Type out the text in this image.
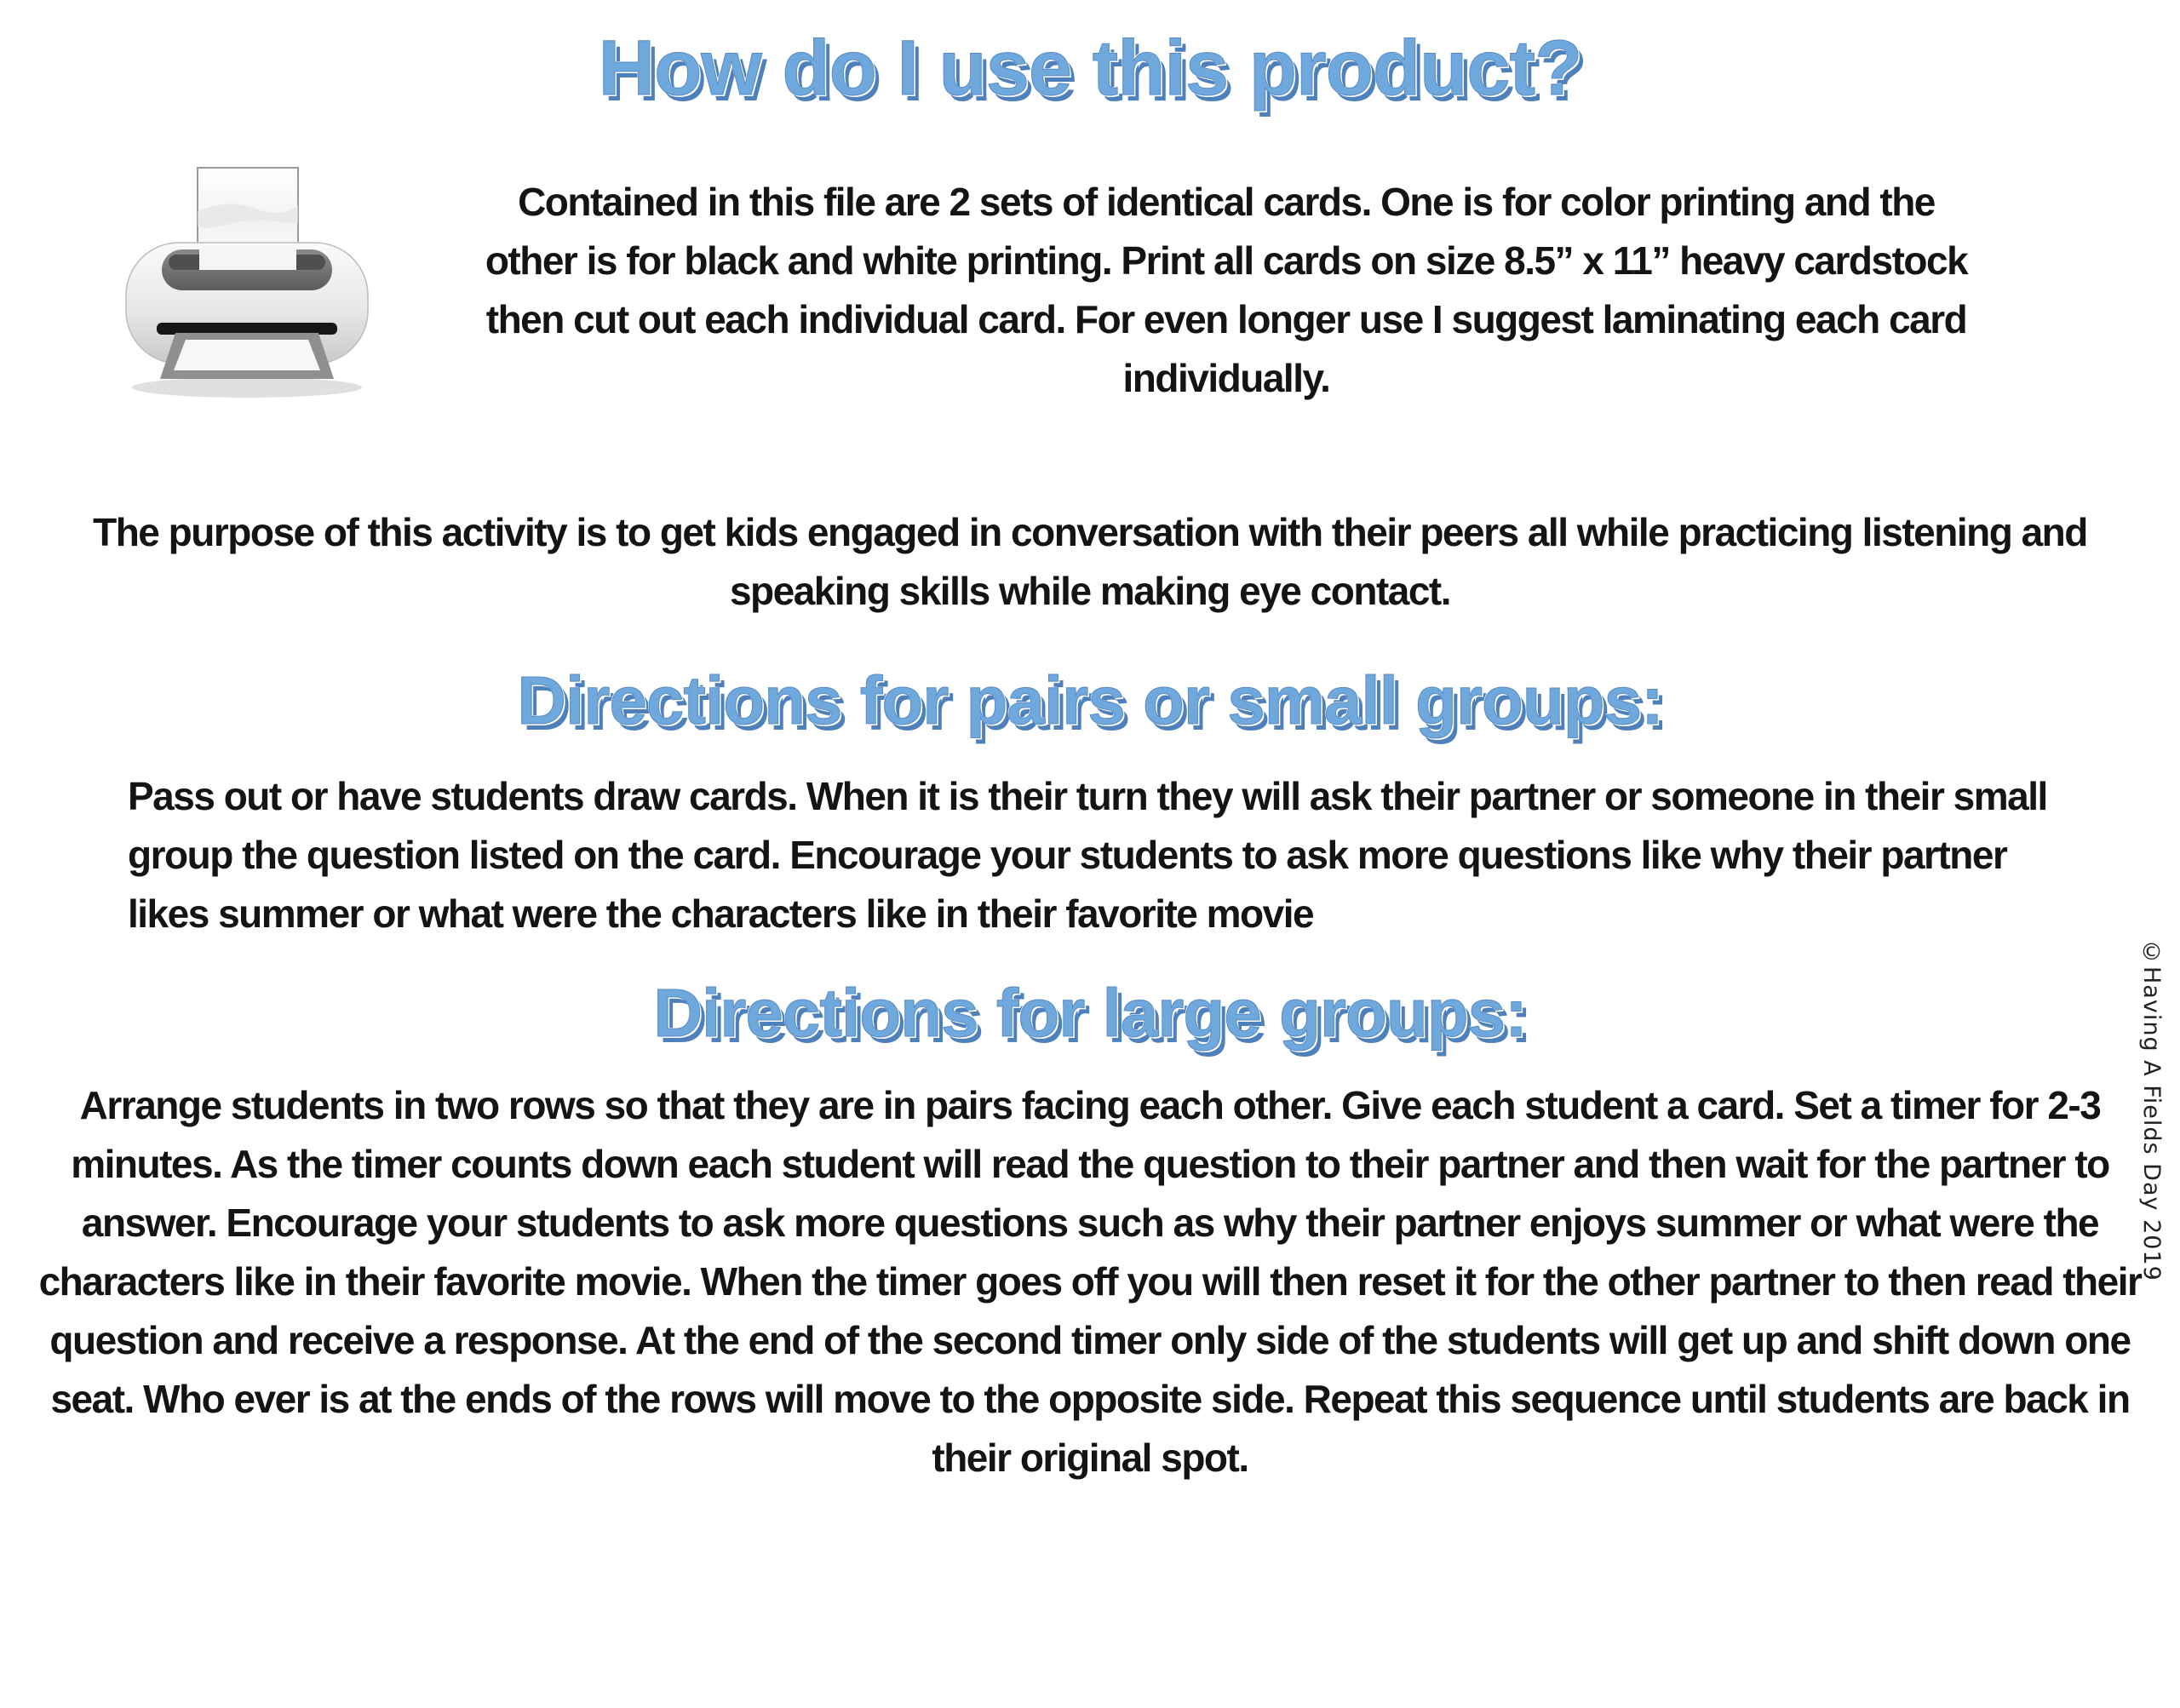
How do I use this product?

Contained in this file are 2 sets of identical cards. One is for color printing and the other is for black and white printing. Print all cards on size 8.5” x 11” heavy cardstock then cut out each individual card. For even longer use I suggest laminating each card individually.

The purpose of this activity is to get kids engaged in conversation with their peers all while practicing listening and speaking skills while making eye contact.

Directions for pairs or small groups:

Pass out or have students draw cards. When it is their turn they will ask their partner or someone in their small group the question listed on the card. Encourage your students to ask more questions like why their partner likes summer or what were the characters like in their favorite movie

Directions for large groups:

Arrange students in two rows so that they are in pairs facing each other. Give each student a card. Set a timer for 2-3 minutes. As the timer counts down each student will read the question to their partner and then wait for the partner to answer. Encourage your students to ask more questions such as why their partner enjoys summer or what were the characters like in their favorite movie. When the timer goes off you will then reset it for the other partner to then read their question and receive a response. At the end of the second timer only side of the students will get up and shift down one seat. Who ever is at the ends of the rows will move to the opposite side. Repeat this sequence until students are back in their original spot.

©Having A Fields Day 2019
